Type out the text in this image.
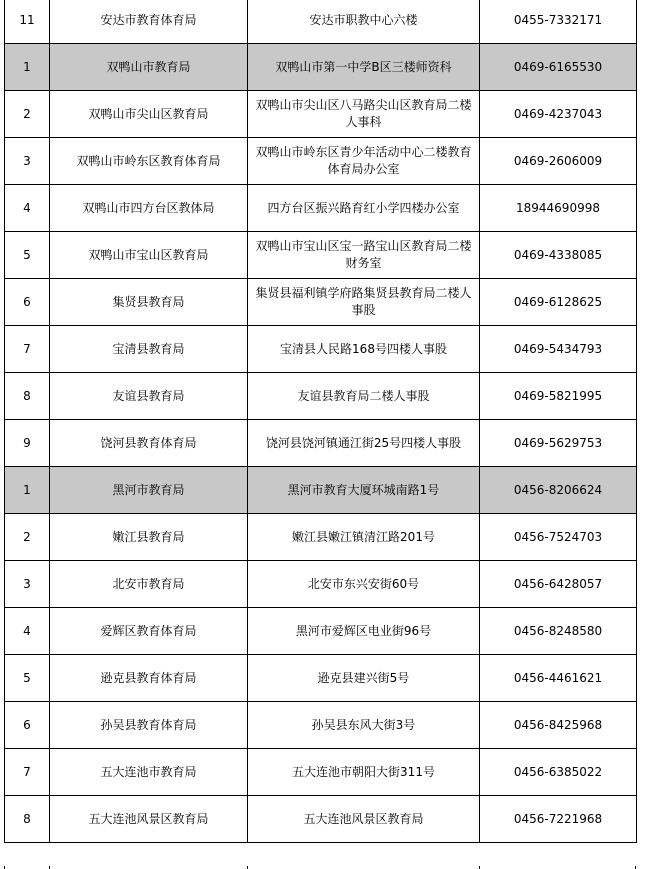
11	安达市教育体育局	安达市职教中心六楼	0455-7332171
1	双鸭山市教育局	双鸭山市第一中学B区三楼师资科	0469-6165530
2	双鸭山市尖山区教育局	双鸭山市尖山区八马路尖山区教育局二楼人事科	0469-4237043
3	双鸭山市岭东区教育体育局	双鸭山市岭东区青少年活动中心二楼教育体育局办公室	0469-2606009
4	双鸭山市四方台区教体局	四方台区振兴路育红小学四楼办公室	18944690998
5	双鸭山市宝山区教育局	双鸭山市宝山区宝一路宝山区教育局二楼财务室	0469-4338085
6	集贤县教育局	集贤县福利镇学府路集贤县教育局二楼人事股	0469-6128625
7	宝清县教育局	宝清县人民路168号四楼人事股	0469-5434793
8	友谊县教育局	友谊县教育局二楼人事股	0469-5821995
9	饶河县教育体育局	饶河县饶河镇通江街25号四楼人事股	0469-5629753
1	黑河市教育局	黑河市教育大厦环城南路1号	0456-8206624
2	嫩江县教育局	嫩江县嫩江镇清江路201号	0456-7524703
3	北安市教育局	北安市东兴安街60号	0456-6428057
4	爱辉区教育体育局	黑河市爱辉区电业街96号	0456-8248580
5	逊克县教育体育局	逊克县建兴街5号	0456-4461621
6	孙吴县教育体育局	孙吴县东风大街3号	0456-8425968
7	五大连池市教育局	五大连池市朝阳大街311号	0456-6385022
8	五大连池风景区教育局	五大连池风景区教育局	0456-7221968
